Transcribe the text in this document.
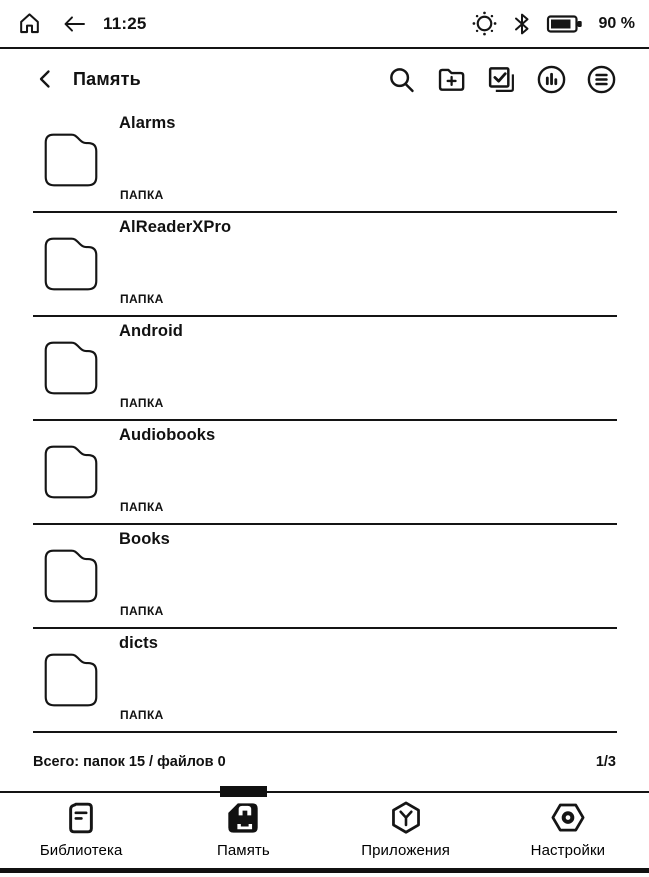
11:25	90 %
Память
Alarms
ПАПКА
AlReaderXPro
ПАПКА
Android
ПАПКА
Audiobooks
ПАПКА
Books
ПАПКА
dicts
ПАПКА
Всего: папок 15 / файлов 0	1/3
Библиотека	Память	Приложения	Настройки
